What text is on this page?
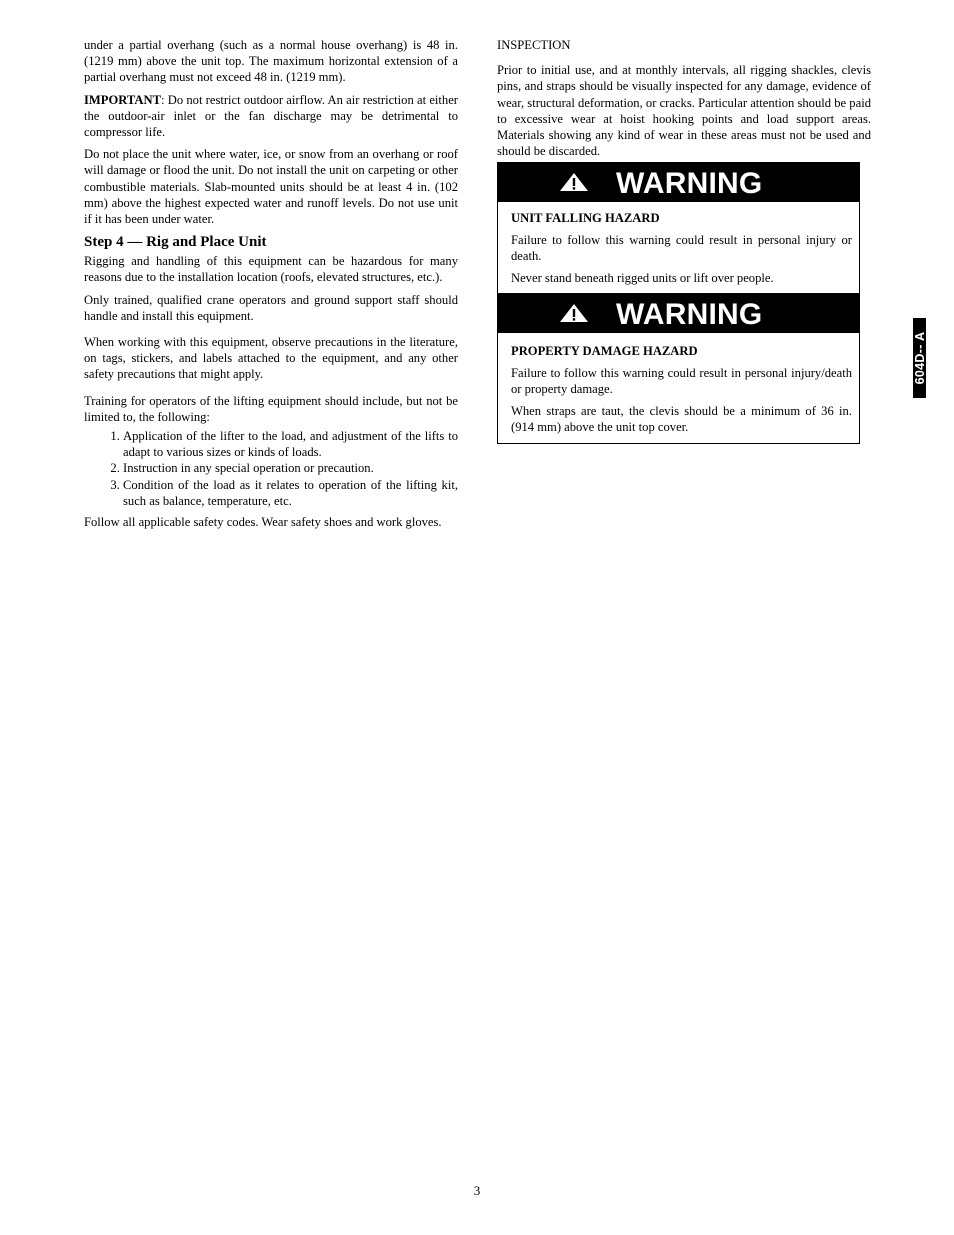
under a partial overhang (such as a normal house overhang) is 48 in. (1219 mm) above the unit top. The maximum horizontal extension of a partial overhang must not exceed 48 in. (1219 mm).

IMPORTANT: Do not restrict outdoor airflow. An air restriction at either the outdoor-air inlet or the fan discharge may be detrimental to compressor life.

Do not place the unit where water, ice, or snow from an overhang or roof will damage or flood the unit. Do not install the unit on carpeting or other combustible materials. Slab-mounted units should be at least 4 in. (102 mm) above the highest expected water and runoff levels. Do not use unit if it has been under water.

Step 4 — Rig and Place Unit

Rigging and handling of this equipment can be hazardous for many reasons due to the installation location (roofs, elevated structures, etc.).

Only trained, qualified crane operators and ground support staff should handle and install this equipment.

When working with this equipment, observe precautions in the literature, on tags, stickers, and labels attached to the equipment, and any other safety precautions that might apply.

Training for operators of the lifting equipment should include, but not be limited to, the following:

1. Application of the lifter to the load, and adjustment of the lifts to adapt to various sizes or kinds of loads.
2. Instruction in any special operation or precaution.
3. Condition of the load as it relates to operation of the lifting kit, such as balance, temperature, etc.

Follow all applicable safety codes. Wear safety shoes and work gloves.

INSPECTION

Prior to initial use, and at monthly intervals, all rigging shackles, clevis pins, and straps should be visually inspected for any damage, evidence of wear, structural deformation, or cracks. Particular attention should be paid to excessive wear at hoist hooking points and load support areas. Materials showing any kind of wear in these areas must not be used and should be discarded.

WARNING
UNIT FALLING HAZARD

Failure to follow this warning could result in personal injury or death.

Never stand beneath rigged units or lift over people.

WARNING
PROPERTY DAMAGE HAZARD

Failure to follow this warning could result in personal injury/death or property damage.

When straps are taut, the clevis should be a minimum of 36 in. (914 mm) above the unit top cover.

604D-- A
3
